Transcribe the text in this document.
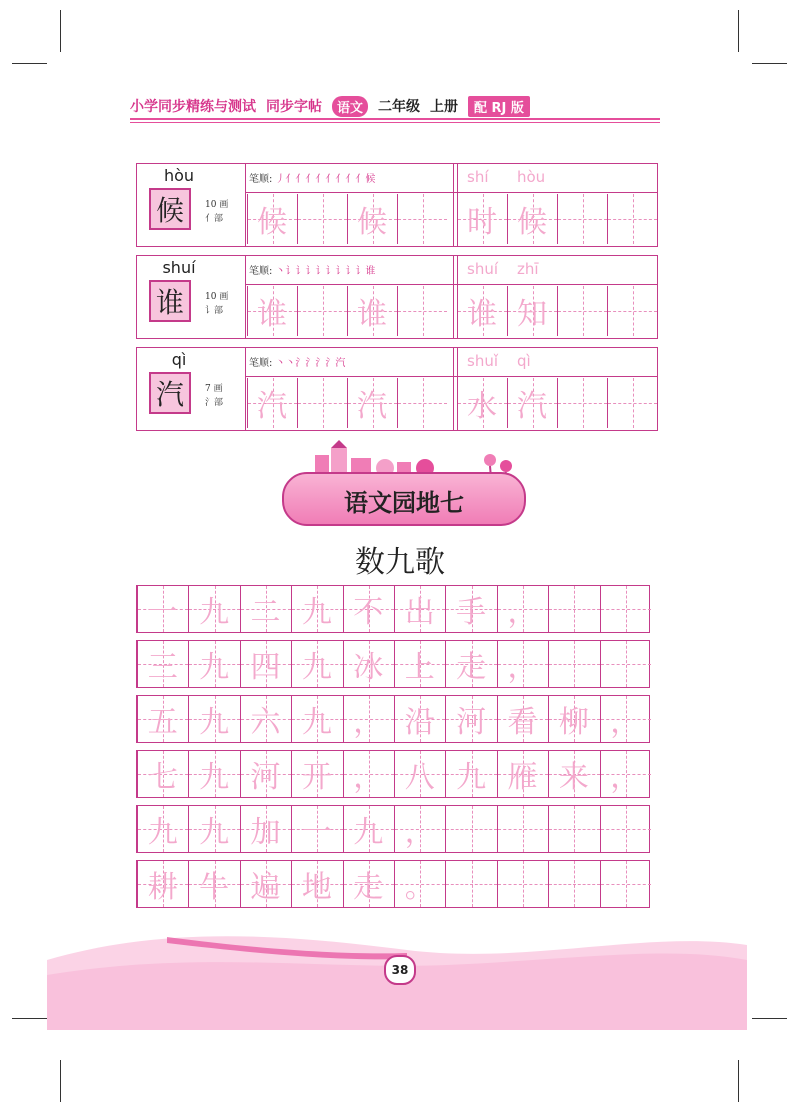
小学同步精练与测试 同步字帖	语文	二年级 上册	配 RJ 版
hòu
候	10 画
亻部
笔顺: 丿亻亻亻亻亻亻亻亻候
候	候	时 候
shí hòu
shuí
谁	10 画
讠部
笔顺: 丶讠讠讠讠讠讠讠讠谁
谁	谁	谁 知
shuí zhī
qì
汽	7 画
氵部
笔顺: 丶丶氵氵氵氵汽
汽	汽	水 汽
shuǐ qì
语文园地七
数九歌
一 九 二 九 不 出 手 ，
三 九 四 九 冰 上 走 ，
五 九 六 九 ， 沿 河 看 柳 ，
七 九 河 开 ， 八 九 雁 来 ，
九 九 加 一 九 ，
耕 牛 遍 地 走 。
38
